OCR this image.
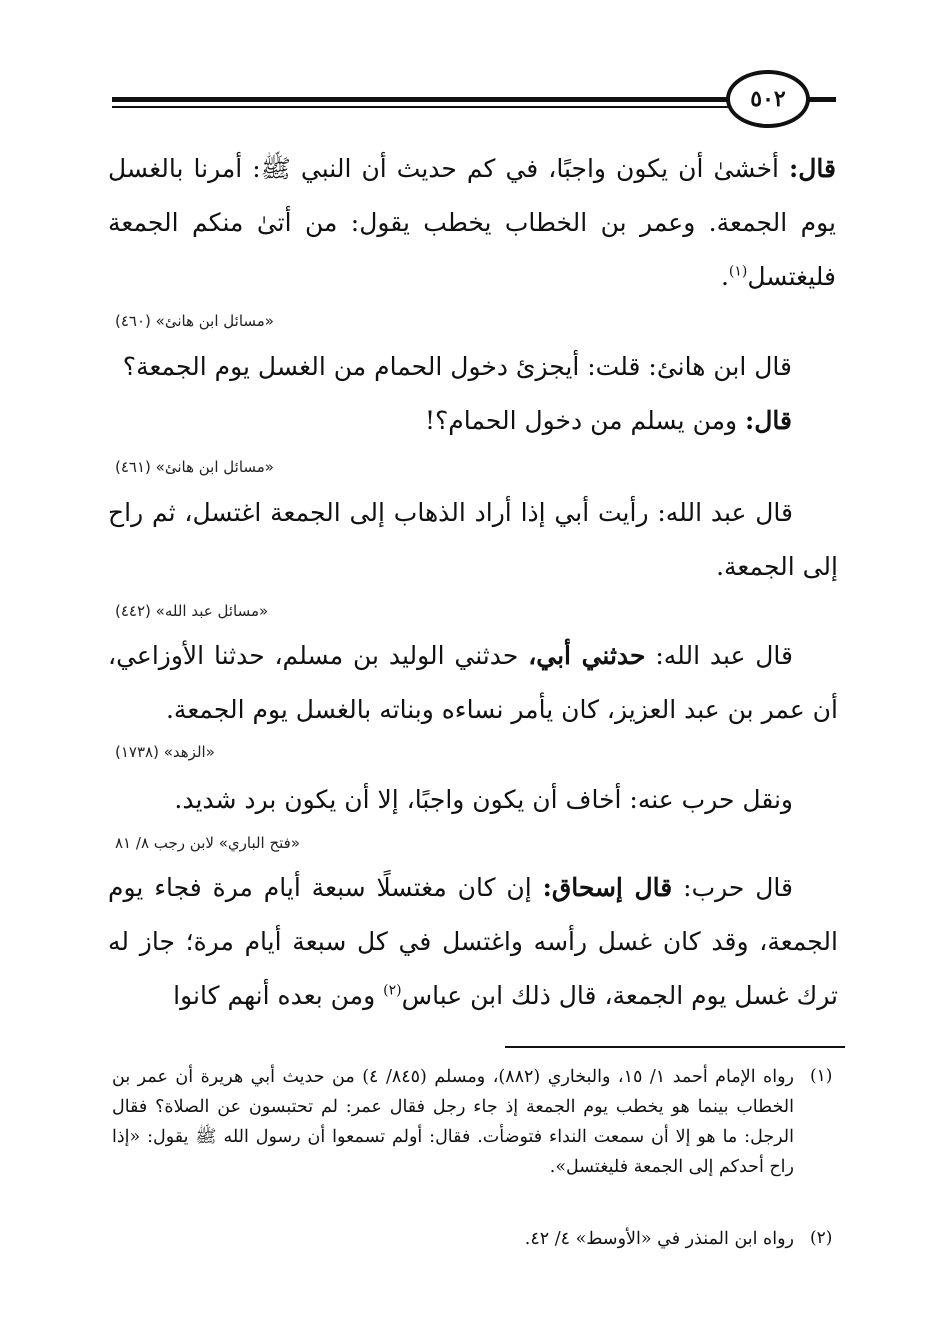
٥٠٢

قال: أخشىٰ أن يكون واجبًا، في كم حديث أن النبي ﷺ: أمرنا بالغسل يوم الجمعة. وعمر بن الخطاب يخطب يقول: من أتىٰ منكم الجمعة فليغتسل$^{(١)}$.

«مسائل ابن هانئ» (٤٦٠)

قال ابن هانئ: قلت: أيجزئ دخول الحمام من الغسل يوم الجمعة؟

قال: ومن يسلم من دخول الحمام؟!

«مسائل ابن هانئ» (٤٦١)

قال عبد الله: رأيت أبي إذا أراد الذهاب إلى الجمعة اغتسل، ثم راح إلى الجمعة.

«مسائل عبد الله» (٤٤٢)

قال عبد الله: حدثني أبي، حدثني الوليد بن مسلم، حدثنا الأوزاعي، أن عمر بن عبد العزيز، كان يأمر نساءه وبناته بالغسل يوم الجمعة.

«الزهد» (١٧٣٨)

ونقل حرب عنه: أخاف أن يكون واجبًا، إلا أن يكون برد شديد.

«فتح الباري» لابن رجب ٨/ ٨١

قال حرب: قال إسحاق: إن كان مغتسلًا سبعة أيام مرة فجاء يوم الجمعة، وقد كان غسل رأسه واغتسل في كل سبعة أيام مرة؛ جاز له ترك غسل يوم الجمعة، قال ذلك ابن عباس$^{(٢)}$ ومن بعده أنهم كانوا

(١)

رواه الإمام أحمد ١/ ١٥، والبخاري (٨٨٢)، ومسلم (٨٤٥/ ٤) من حديث أبي هريرة أن عمر بن الخطاب بينما هو يخطب يوم الجمعة إذ جاء رجل فقال عمر: لم تحتبسون عن الصلاة؟ فقال الرجل: ما هو إلا أن سمعت النداء فتوضأت. فقال: أولم تسمعوا أن رسول الله ﷺ يقول: «إذا راح أحدكم إلى الجمعة فليغتسل».

(٢)

رواه ابن المنذر في «الأوسط» ٤/ ٤٢.
